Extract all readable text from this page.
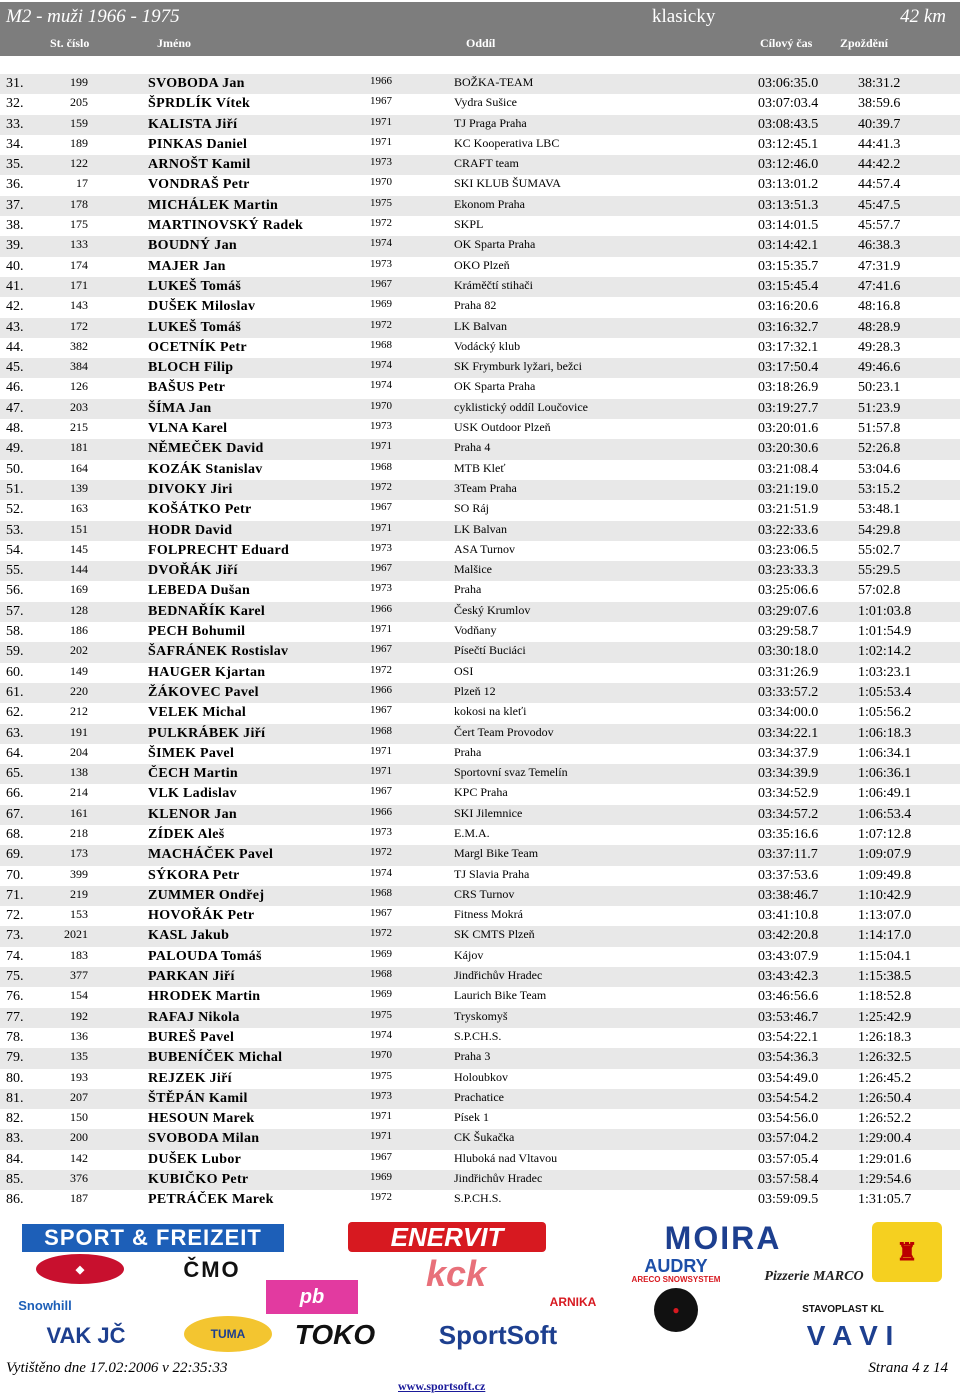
M2 - muži 1966 - 1975	klasicky	42 km
St. číslo	Jméno	Oddíl	Cílový čas Zpoždění
31.	199	SVOBODA Jan	1966	BOŽKA-TEAM	03:06:35.0	38:31.2
32.	205	ŠPRDLÍK Vítek	1967	Vydra Sušice	03:07:03.4	38:59.6
33.	159	KALISTA Jiří	1971	TJ Praga Praha	03:08:43.5	40:39.7
34.	189	PINKAS Daniel	1971	KC Kooperativa LBC	03:12:45.1	44:41.3
35.	122	ARNOŠT Kamil	1973	CRAFT team	03:12:46.0	44:42.2
36.	17	VONDRAŠ Petr	1970	SKI KLUB ŠUMAVA	03:13:01.2	44:57.4
37.	178	MICHÁLEK Martin	1975	Ekonom Praha	03:13:51.3	45:47.5
38.	175	MARTINOVSKÝ Radek	1972	SKPL	03:14:01.5	45:57.7
39.	133	BOUDNÝ Jan	1974	OK Sparta Praha	03:14:42.1	46:38.3
40.	174	MAJER Jan	1973	OKO Plzeň	03:15:35.7	47:31.9
41.	171	LUKEŠ Tomáš	1967	Kráměčtí stihači	03:15:45.4	47:41.6
42.	143	DUŠEK Miloslav	1969	Praha 82	03:16:20.6	48:16.8
43.	172	LUKEŠ Tomáš	1972	LK Balvan	03:16:32.7	48:28.9
44.	382	OCETNÍK Petr	1968	Vodácký klub	03:17:32.1	49:28.3
45.	384	BLOCH Filip	1974	SK Frymburk lyžari, bežci	03:17:50.4	49:46.6
46.	126	BAŠUS Petr	1974	OK Sparta Praha	03:18:26.9	50:23.1
47.	203	ŠÍMA Jan	1970	cyklistický oddíl Loučovice	03:19:27.7	51:23.9
48.	215	VLNA Karel	1973	USK Outdoor Plzeň	03:20:01.6	51:57.8
49.	181	NĚMEČEK David	1971	Praha 4	03:20:30.6	52:26.8
50.	164	KOZÁK Stanislav	1968	MTB Kleť	03:21:08.4	53:04.6
51.	139	DIVOKY Jiri	1972	3Team Praha	03:21:19.0	53:15.2
52.	163	KOŠÁTKO Petr	1967	SO Ráj	03:21:51.9	53:48.1
53.	151	HODR David	1971	LK Balvan	03:22:33.6	54:29.8
54.	145	FOLPRECHT Eduard	1973	ASA Turnov	03:23:06.5	55:02.7
55.	144	DVOŘÁK Jiří	1967	Malšice	03:23:33.3	55:29.5
56.	169	LEBEDA Dušan	1973	Praha	03:25:06.6	57:02.8
57.	128	BEDNAŘÍK Karel	1966	Český Krumlov	03:29:07.6	1:01:03.8
58.	186	PECH Bohumil	1971	Vodňany	03:29:58.7	1:01:54.9
59.	202	ŠAFRÁNEK Rostislav	1967	Písečtí Buciáci	03:30:18.0	1:02:14.2
60.	149	HAUGER Kjartan	1972	OSI	03:31:26.9	1:03:23.1
61.	220	ŽÁKOVEC Pavel	1966	Plzeň 12	03:33:57.2	1:05:53.4
62.	212	VELEK Michal	1967	kokosi na kleťi	03:34:00.0	1:05:56.2
63.	191	PULKRÁBEK Jiří	1968	Čert Team Provodov	03:34:22.1	1:06:18.3
64.	204	ŠIMEK Pavel	1971	Praha	03:34:37.9	1:06:34.1
65.	138	ČECH Martin	1971	Sportovní svaz Temelín	03:34:39.9	1:06:36.1
66.	214	VLK Ladislav	1967	KPC Praha	03:34:52.9	1:06:49.1
67.	161	KLENOR Jan	1966	SKI Jilemnice	03:34:57.2	1:06:53.4
68.	218	ZÍDEK Aleš	1973	E.M.A.	03:35:16.6	1:07:12.8
69.	173	MACHÁČEK Pavel	1972	Margl Bike Team	03:37:11.7	1:09:07.9
70.	399	SÝKORA Petr	1974	TJ Slavia Praha	03:37:53.6	1:09:49.8
71.	219	ZUMMER Ondřej	1968	CRS Turnov	03:38:46.7	1:10:42.9
72.	153	HOVOŘÁK Petr	1967	Fitness Mokrá	03:41:10.8	1:13:07.0
73.	2021	KASL Jakub	1972	SK CMTS Plzeň	03:42:20.8	1:14:17.0
74.	183	PALOUDA Tomáš	1969	Kájov	03:43:07.9	1:15:04.1
75.	377	PARKAN Jiří	1968	Jindřichův Hradec	03:43:42.3	1:15:38.5
76.	154	HRODEK Martin	1969	Laurich Bike Team	03:46:56.6	1:18:52.8
77.	192	RAFAJ Nikola	1975	Tryskomyš	03:53:46.7	1:25:42.9
78.	136	BUREŠ Pavel	1974	S.P.CH.S.	03:54:22.1	1:26:18.3
79.	135	BUBENÍČEK Michal	1970	Praha 3	03:54:36.3	1:26:32.5
80.	193	REJZEK Jiří	1975	Holoubkov	03:54:49.0	1:26:45.2
81.	207	ŠTĚPÁN Kamil	1973	Prachatice	03:54:54.2	1:26:50.4
82.	150	HESOUN Marek	1971	Písek 1	03:54:56.0	1:26:52.2
83.	200	SVOBODA Milan	1971	CK Šukačka	03:57:04.2	1:29:00.4
84.	142	DUŠEK Lubor	1967	Hluboká nad Vltavou	03:57:05.4	1:29:01.6
85.	376	KUBIČKO Petr	1969	Jindřichův Hradec	03:57:58.4	1:29:54.6
86.	187	PETRÁČEK Marek	1972	S.P.CH.S.	03:59:09.5	1:31:05.7
SPORT & FREIZEIT	ENERVIT	MOIRA	♜
◆	ČMO	kck	AUDRY
ARECO SNOWSYSTEM	Pizzerie MARCO
Snowhill	pb	ARNIKA
●	STAVOPLAST KL
VAK JČ	TUMA	TOKO	SportSoft	V A V I
Vytištěno dne 17.02:2006 v 22:35:33	Strana 4 z 14
www.sportsoft.cz
